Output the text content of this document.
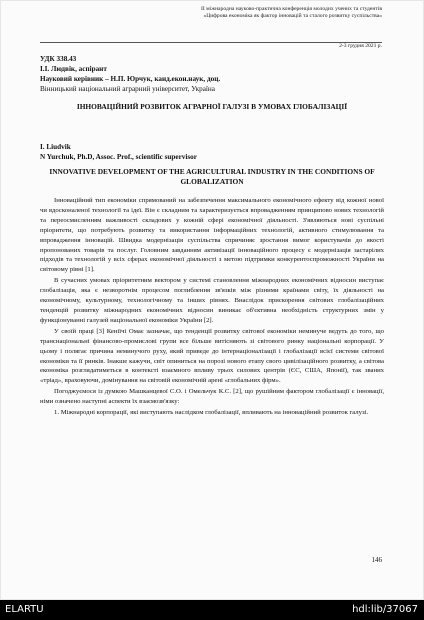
ІІ міжнародна науково-практична конференція молодих учених та студентів
«Цифрова економіка як фактор інновацій та сталого розвитку суспільства»
2-3 грудня 2021 р.
УДК 338.43
І.І. Людвік, аспірант
Науковий керівник – Н.П. Юрчук, канд.екон.наук, доц.
Вінницький національний аграрний університет, Україна
ІННОВАЦІЙНИЙ РОЗВИТОК АГРАРНОЇ ГАЛУЗІ В УМОВАХ ГЛОБАЛІЗАЦІЇ
I. Liudvik
N Yurchuk, Ph.D, Assoc. Prof., scientific supervisor
INNOVATIVE DEVELOPMENT OF THE AGRICULTURAL INDUSTRY IN THE CONDITIONS OF GLOBALIZATION

Інноваційний тип економіки спрямований на забезпечення максимального економічного ефекту від кожної нової чи вдосконаленої технології та ідеї. Він є складним та характеризується впровадженням принципово нових технологій та переосмисленням важливості складових у кожній сфері економічної діяльності. З'являються нові суспільні пріоритети, що потребують розвитку та використання інформаційних технологій, активного стимулювання та впровадження інновацій. Швидка модернізація суспільства спричиняє зростання вимог користувачів до якості пропонованих товарів та послуг. Головним завданням активізації інноваційного процесу є модернізація застарілих підходів та технологій у всіх сферах економічної діяльності з метою підтримки конкурентоспроможності України на світовому рівні [1].

В сучасних умовах пріоритетним вектором у системі становлення міжнародних економічних відносин виступає глобалізація, яка є незворотнім процесом поглиблення зв'язків між різними країнами світу, їх діяльності на економічному, культурному, технологічному та інших рівнях. Внаслідок прискорення світових глобалізаційних тенденцій розвитку міжнародних економічних відносин виникає об'єктивна необхідність структурних змін у функціонуванні галузей національної економіки України [2].

У своїй праці [3] Кеніїчі Омає зазначає, що тенденції розвитку світової економіки неминуче ведуть до того, що транснаціональні фінансово-промислові групи все більше витісняють зі світового ринку національні корпорації. У цьому і полягає причина неминучого руху, який приведе до інтернаціоналізації і глобалізації всієї системи світової економіки та її ринків. Інакше кажучи, світ опиниться на порозі нового етапу свого цивілізаційного розвитку, а світова економіка розглядатиметься в контексті взаємного впливу трьох силових центрів (ЄС, США, Японії), так званих «тріад», враховуючи, домінування на світовій економічній арені «глобальних фірм».

Погоджуємося із думкою Машканцевої С.О. і Омельчук К.С. [2], що рушійним фактором глобалізації є інновації, німи означено наступні аспекти їх взаємозв'язку:

1. Міжнародні корпорації, які виступають наслідком глобалізації, впливають на інноваційний розвиток галузі.

146
ELARTU	hdl:lib/37067
